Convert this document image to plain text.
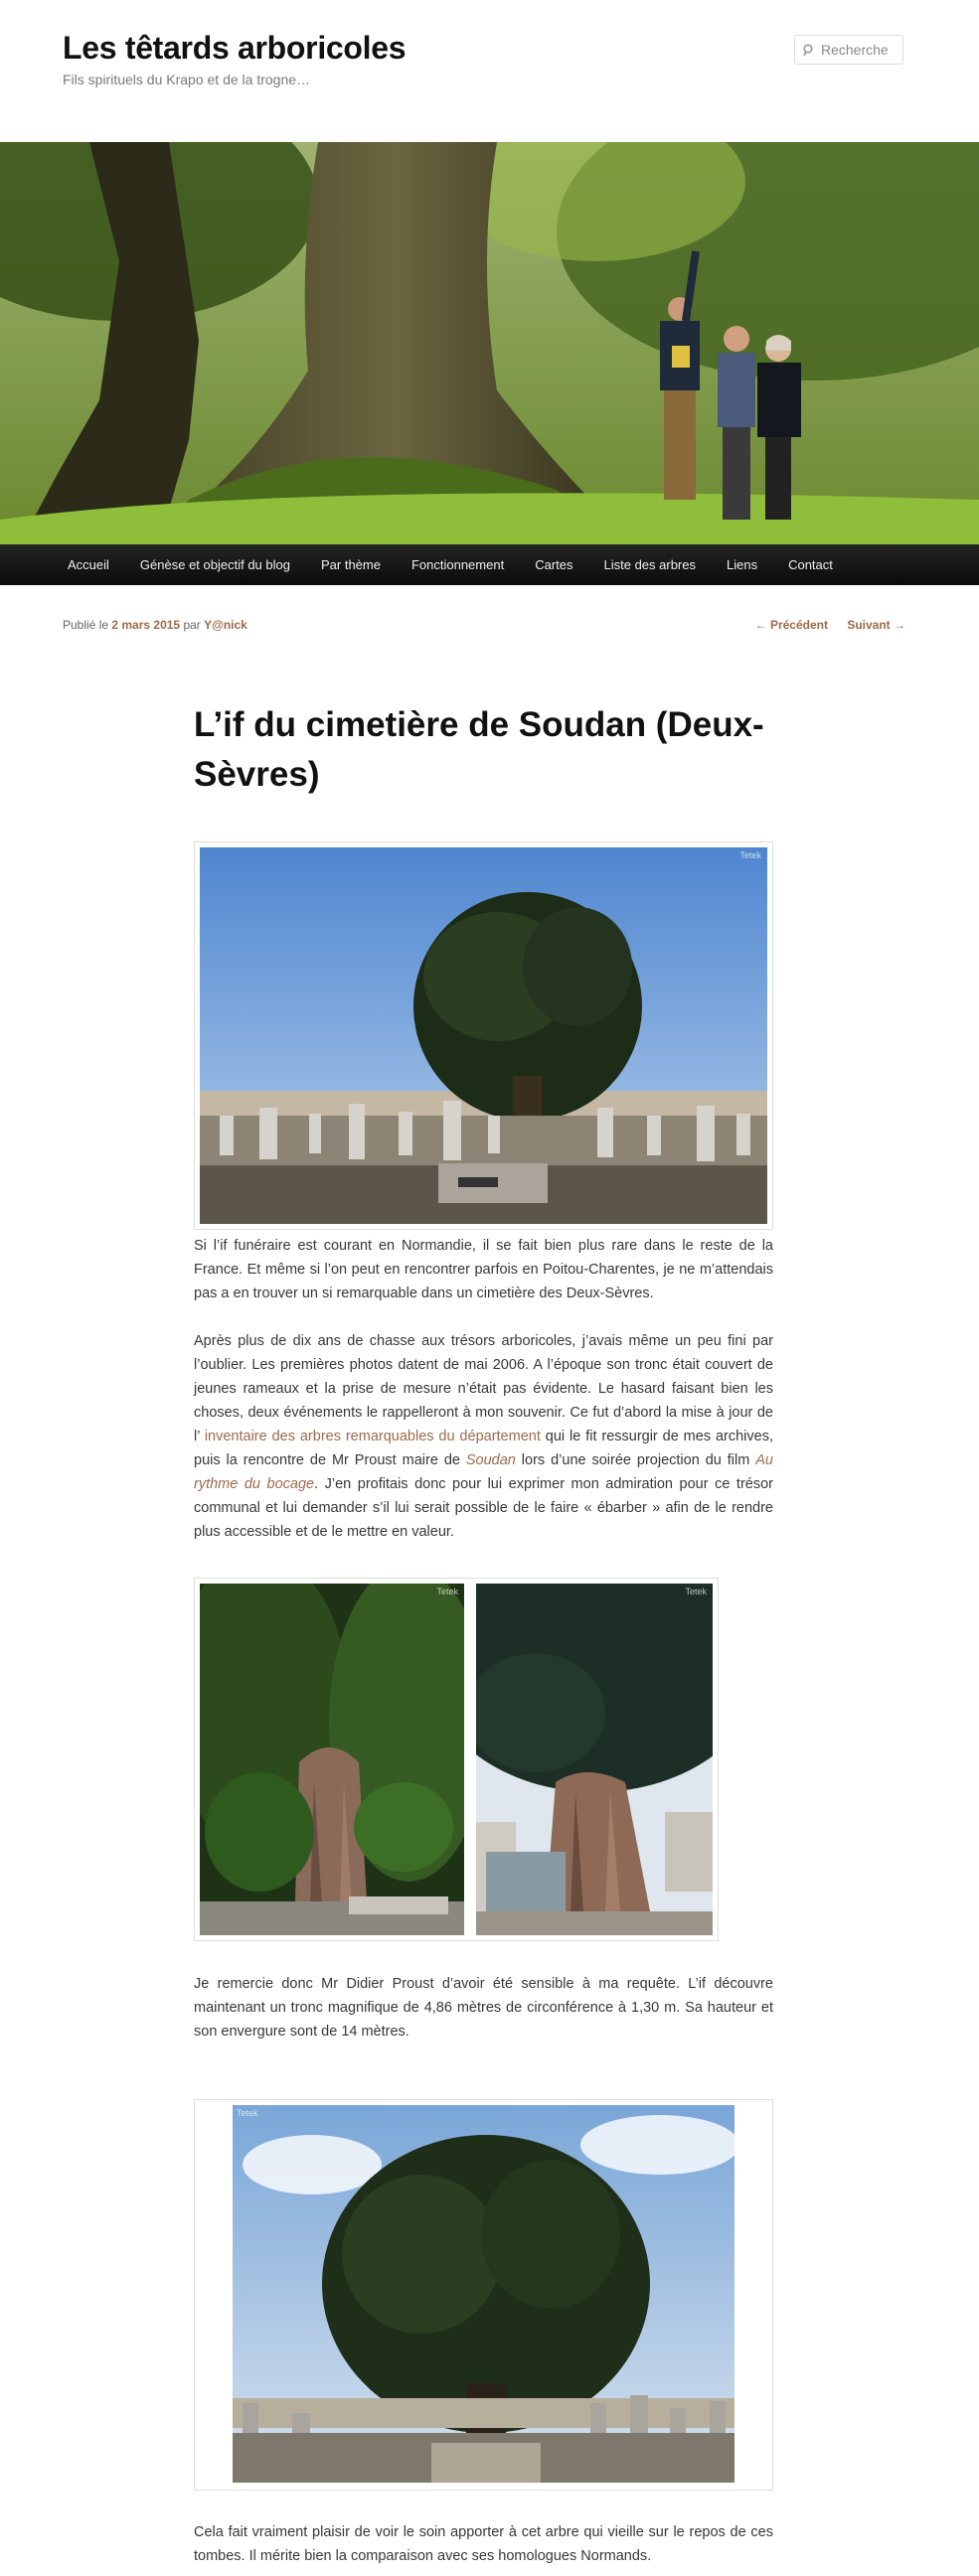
Les têtards arboricoles

Fils spirituels du Krapo et de la trogne…

Recherche
Accueil Génèse et objectif du blog Par thème Fonctionnement Cartes Liste des arbres Liens Contact
Publié le 2 mars 2015 par Y@nick	← Précédent Suivant →
L’if du cimetière de Soudan (Deux-Sèvres)
Tetek

Si l’if funéraire est courant en Normandie, il se fait bien plus rare dans le reste de la France. Et même si l’on peut en rencontrer parfois en Poitou-Charentes, je ne m’attendais pas a en trouver un si remarquable dans un cimetière des Deux-Sèvres.

Après plus de dix ans de chasse aux trésors arboricoles, j’avais même un peu fini par l’oublier. Les premières photos datent de mai 2006. A l’époque son tronc était couvert de jeunes rameaux et la prise de mesure n’était pas évidente. Le hasard faisant bien les choses, deux événements le rappelleront à mon souvenir. Ce fut d’abord la mise à jour de l’ inventaire des arbres remarquables du département qui le fit ressurgir de mes archives, puis la rencontre de Mr Proust maire de Soudan lors d’une soirée projection du film Au rythme du bocage. J’en profitais donc pour lui exprimer mon admiration pour ce trésor communal et lui demander s’il lui serait possible de le faire « ébarber » afin de le rendre plus accessible et de le mettre en valeur.

Tetek	Tetek

Je remercie donc Mr Didier Proust d’avoir été sensible à ma requête. L’if découvre maintenant un tronc magnifique de 4,86 mètres de circonférence à 1,30 m. Sa hauteur et son envergure sont de 14 mètres.

Tetek

Cela fait vraiment plaisir de voir le soin apporter à cet arbre qui vieille sur le repos de ces tombes. Il mérite bien la comparaison avec ses homologues Normands.
